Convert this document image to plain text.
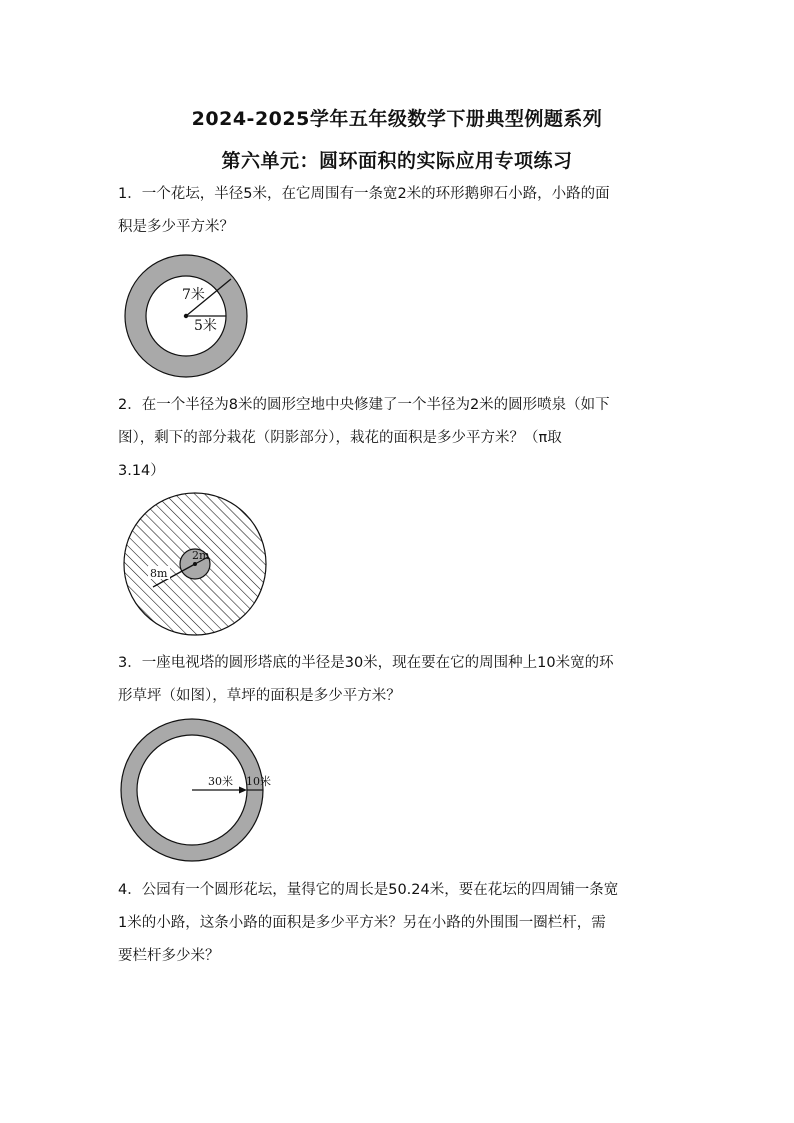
2024-2025学年五年级数学下册典型例题系列
第六单元：圆环面积的实际应用专项练习
1．一个花坛，半径5米，在它周围有一条宽2米的环形鹅卵石小路，小路的面
积是多少平方米？
7米
5米
2．在一个半径为8米的圆形空地中央修建了一个半径为2米的圆形喷泉（如下
图），剩下的部分栽花（阴影部分），栽花的面积是多少平方米？（π取
3.14）
8m
2m
3．一座电视塔的圆形塔底的半径是30米，现在要在它的周围种上10米宽的环
形草坪（如图），草坪的面积是多少平方米？
30米 10米
4．公园有一个圆形花坛，量得它的周长是50.24米，要在花坛的四周铺一条宽
1米的小路，这条小路的面积是多少平方米？另在小路的外围围一圈栏杆，需
要栏杆多少米？
